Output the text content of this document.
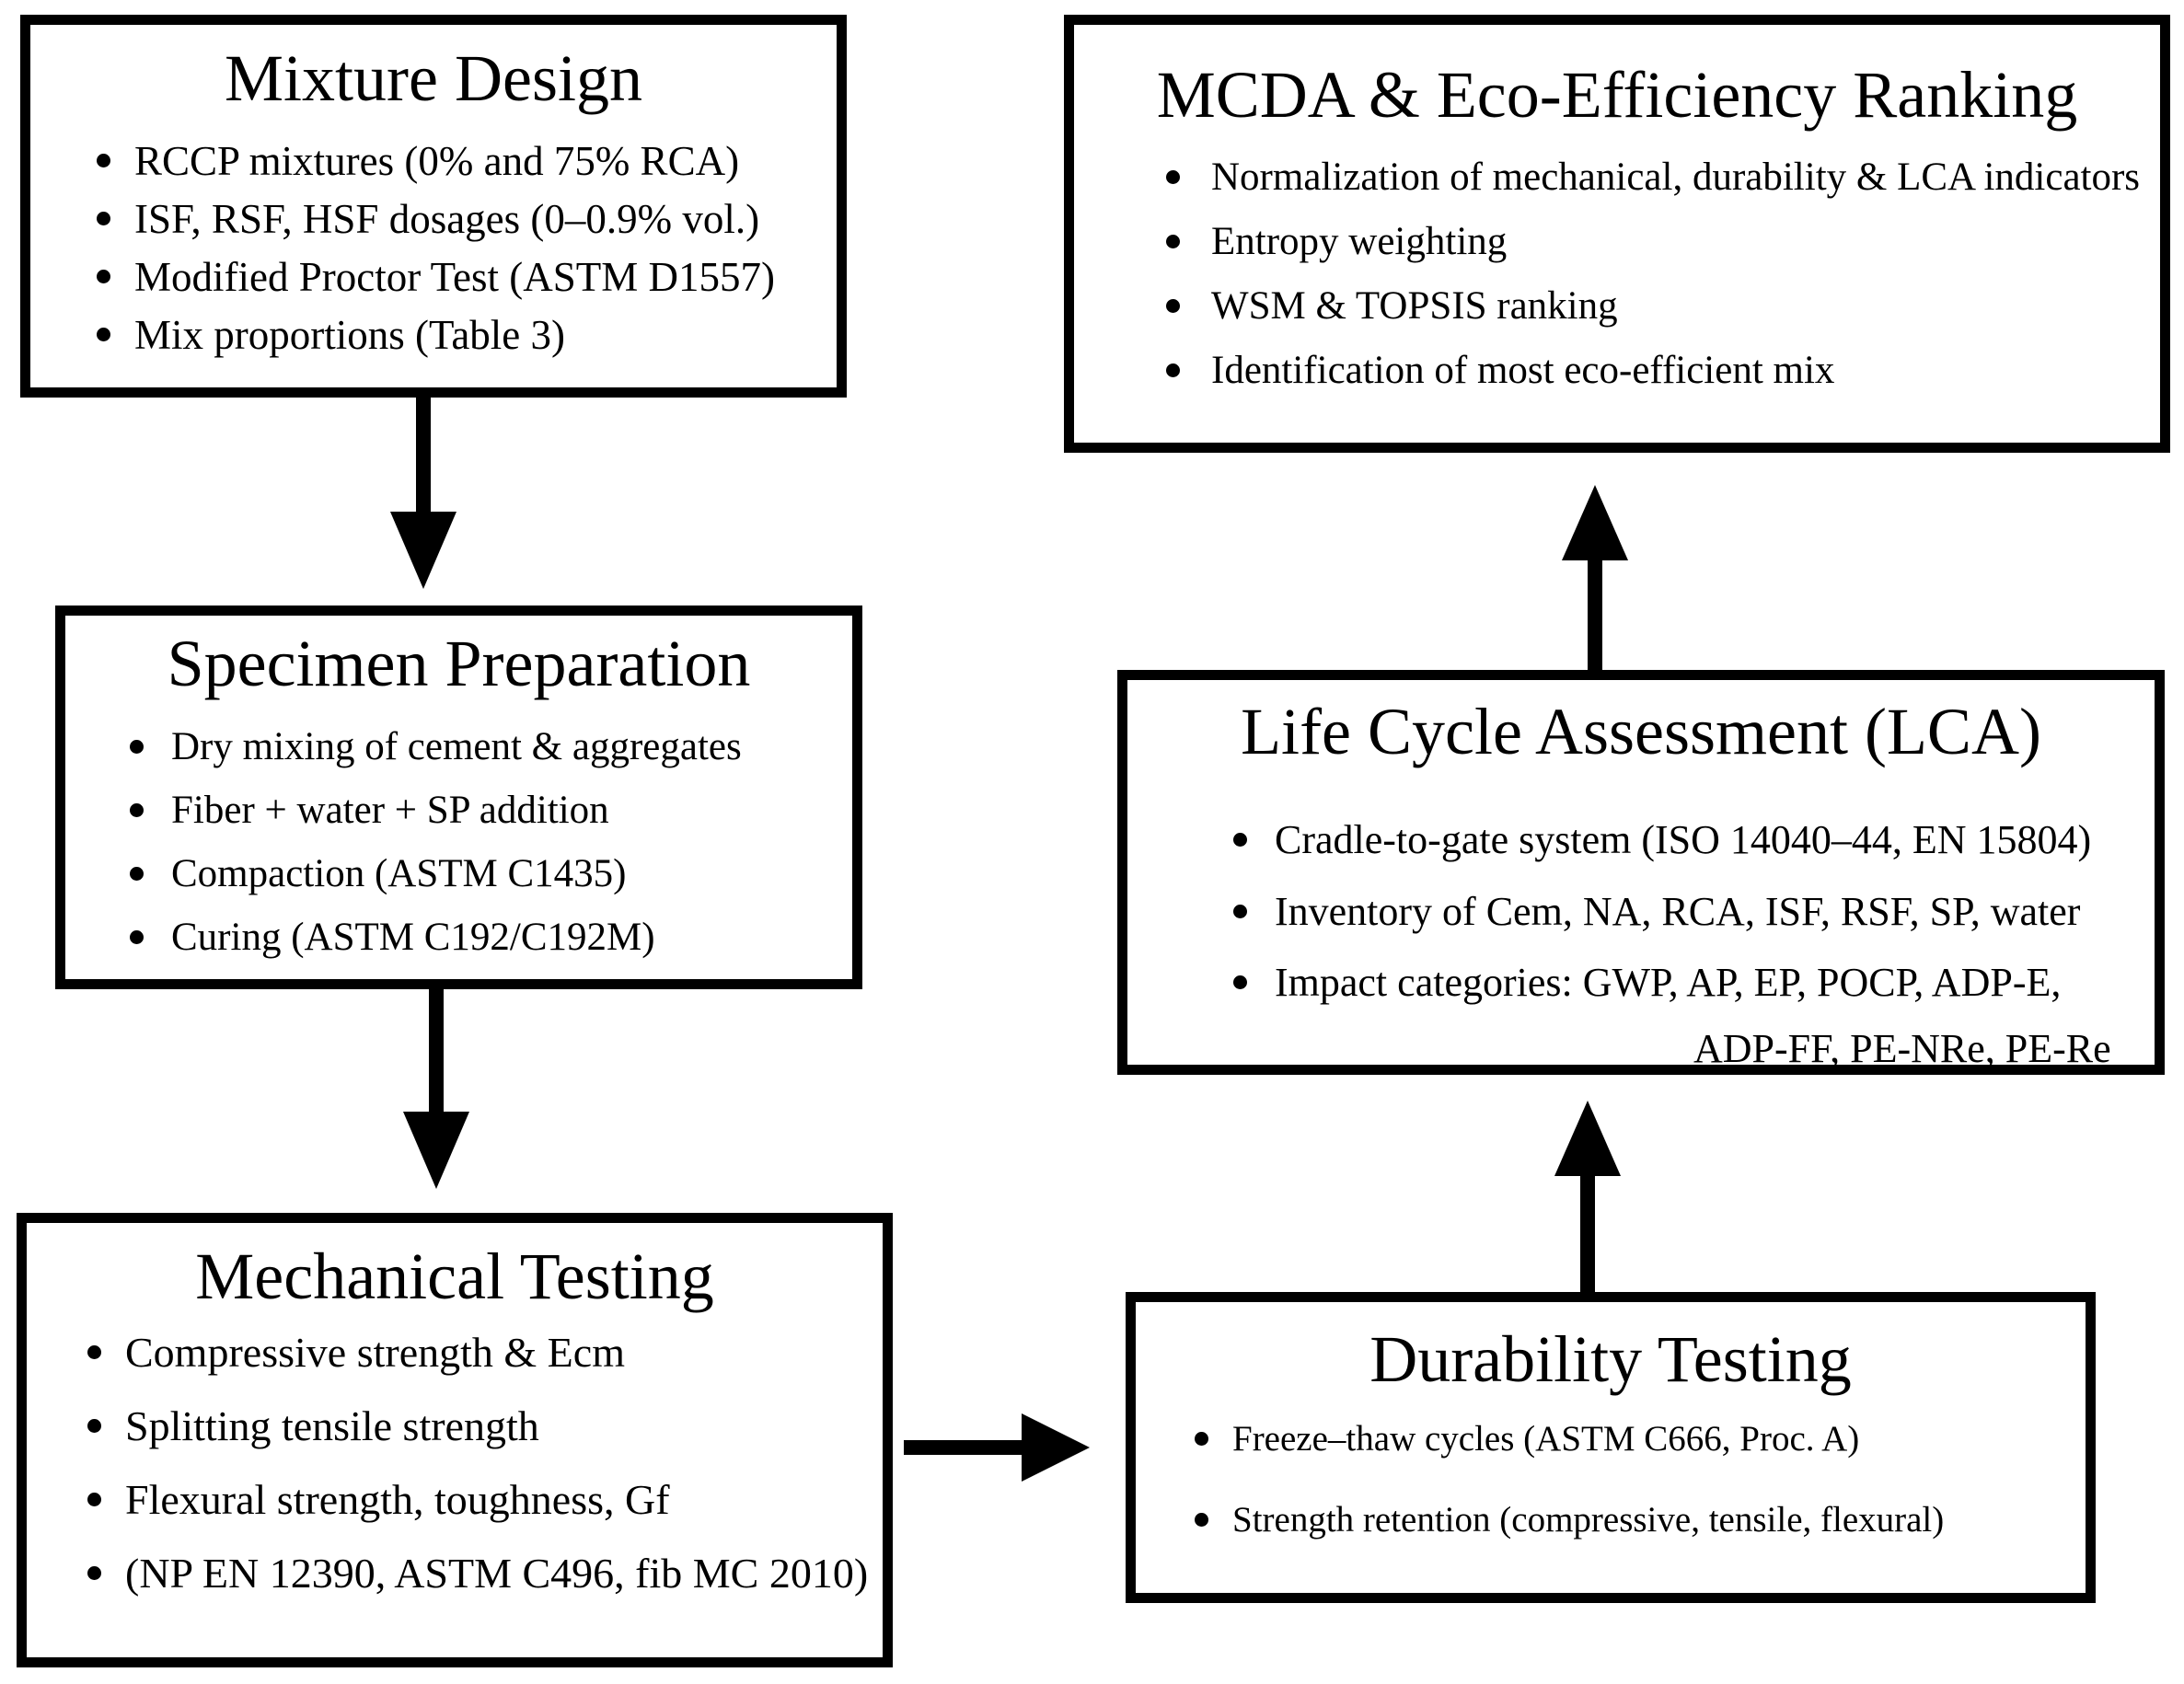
Mixture Design
RCCP mixtures (0% and 75% RCA)
ISF, RSF, HSF dosages (0–0.9% vol.)
Modified Proctor Test (ASTM D1557)
Mix proportions (Table 3)
Specimen Preparation
Dry mixing of cement & aggregates
Fiber + water + SP addition
Compaction (ASTM C1435)
Curing (ASTM C192/C192M)
Mechanical Testing
Compressive strength & Ecm
Splitting tensile strength
Flexural strength, toughness, Gf
(NP EN 12390, ASTM C496, fib MC 2010)
Durability Testing
Freeze–thaw cycles (ASTM C666, Proc. A)
Strength retention (compressive, tensile, flexural)
Life Cycle Assessment (LCA)
Cradle-to-gate system (ISO 14040–44, EN 15804)
Inventory of Cem, NA, RCA, ISF, RSF, SP, water
Impact categories: GWP, AP, EP, POCP, ADP-E,
ADP-FF, PE-NRe, PE-Re
MCDA & Eco-Efficiency Ranking
Normalization of mechanical, durability & LCA indicators
Entropy weighting
WSM & TOPSIS ranking
Identification of most eco-efficient mix
